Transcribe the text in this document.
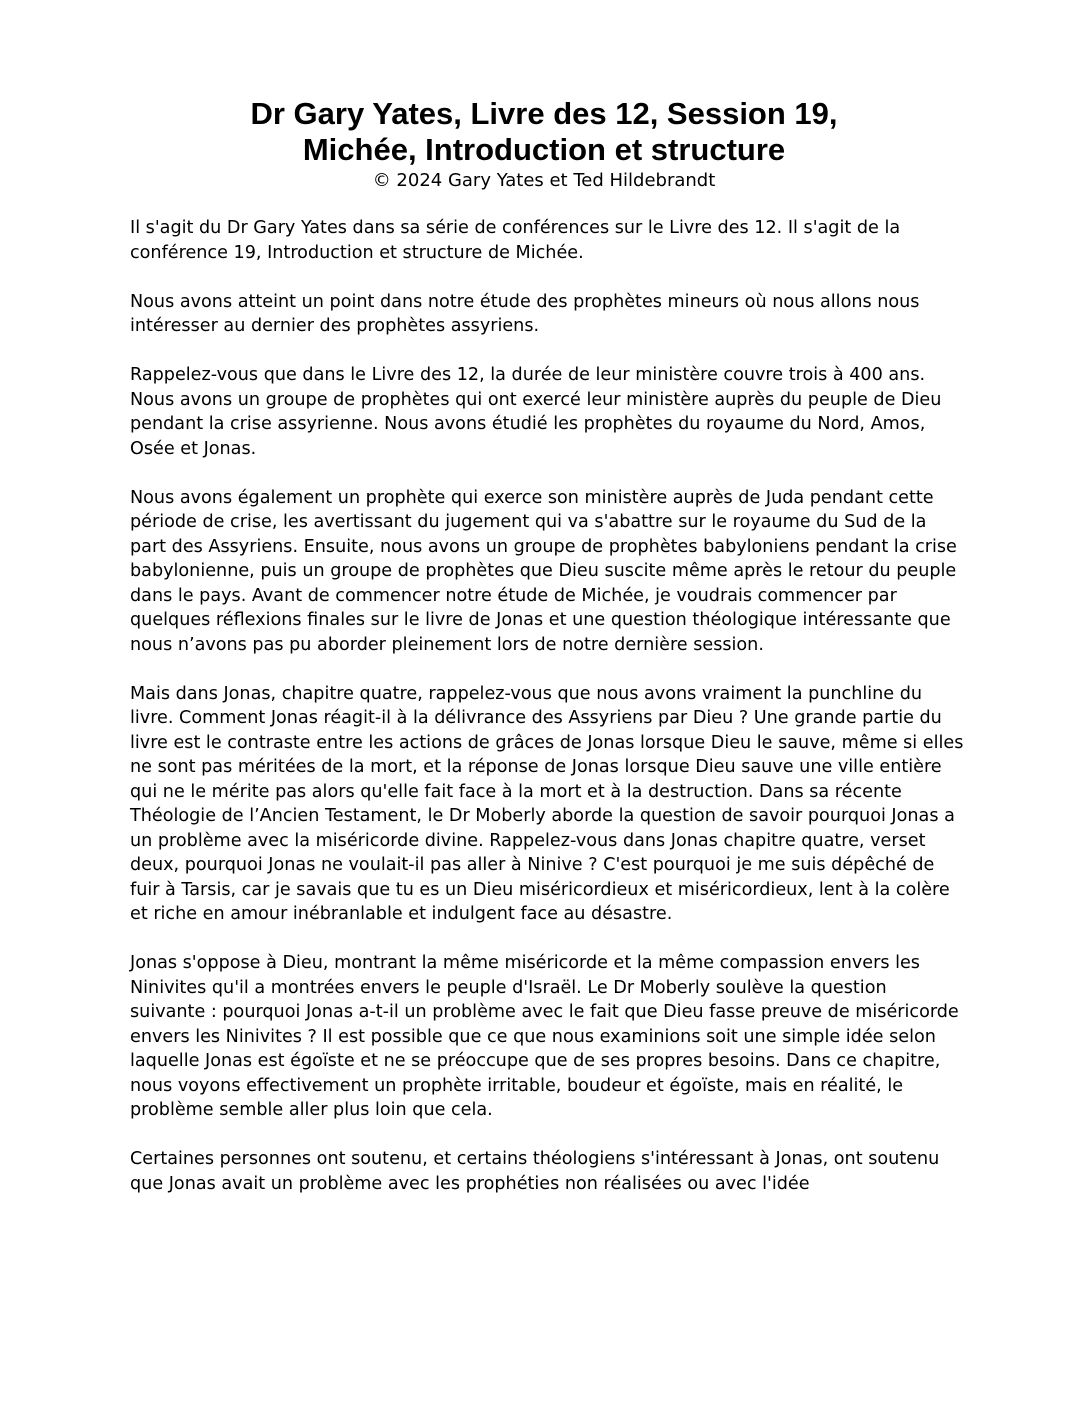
Dr Gary Yates, Livre des 12, Session 19,
Michée, Introduction et structure
© 2024 Gary Yates et Ted Hildebrandt

Il s'agit du Dr Gary Yates dans sa série de conférences sur le Livre des 12. Il s'agit de la conférence 19, Introduction et structure de Michée.

Nous avons atteint un point dans notre étude des prophètes mineurs où nous allons nous intéresser au dernier des prophètes assyriens.

Rappelez-vous que dans le Livre des 12, la durée de leur ministère couvre trois à 400 ans. Nous avons un groupe de prophètes qui ont exercé leur ministère auprès du peuple de Dieu pendant la crise assyrienne. Nous avons étudié les prophètes du royaume du Nord, Amos, Osée et Jonas.

Nous avons également un prophète qui exerce son ministère auprès de Juda pendant cette période de crise, les avertissant du jugement qui va s'abattre sur le royaume du Sud de la part des Assyriens. Ensuite, nous avons un groupe de prophètes babyloniens pendant la crise babylonienne, puis un groupe de prophètes que Dieu suscite même après le retour du peuple dans le pays. Avant de commencer notre étude de Michée, je voudrais commencer par quelques réflexions finales sur le livre de Jonas et une question théologique intéressante que nous n’avons pas pu aborder pleinement lors de notre dernière session.

Mais dans Jonas, chapitre quatre, rappelez-vous que nous avons vraiment la punchline du livre. Comment Jonas réagit-il à la délivrance des Assyriens par Dieu ? Une grande partie du livre est le contraste entre les actions de grâces de Jonas lorsque Dieu le sauve, même si elles ne sont pas méritées de la mort, et la réponse de Jonas lorsque Dieu sauve une ville entière qui ne le mérite pas alors qu'elle fait face à la mort et à la destruction. Dans sa récente Théologie de l’Ancien Testament, le Dr Moberly aborde la question de savoir pourquoi Jonas a un problème avec la miséricorde divine. Rappelez-vous dans Jonas chapitre quatre, verset deux, pourquoi Jonas ne voulait-il pas aller à Ninive ? C'est pourquoi je me suis dépêché de fuir à Tarsis, car je savais que tu es un Dieu miséricordieux et miséricordieux, lent à la colère et riche en amour inébranlable et indulgent face au désastre.

Jonas s'oppose à Dieu, montrant la même miséricorde et la même compassion envers les Ninivites qu'il a montrées envers le peuple d'Israël. Le Dr Moberly soulève la question suivante : pourquoi Jonas a-t-il un problème avec le fait que Dieu fasse preuve de miséricorde envers les Ninivites ? Il est possible que ce que nous examinions soit une simple idée selon laquelle Jonas est égoïste et ne se préoccupe que de ses propres besoins. Dans ce chapitre, nous voyons effectivement un prophète irritable, boudeur et égoïste, mais en réalité, le problème semble aller plus loin que cela.

Certaines personnes ont soutenu, et certains théologiens s'intéressant à Jonas, ont soutenu que Jonas avait un problème avec les prophéties non réalisées ou avec l'idée
